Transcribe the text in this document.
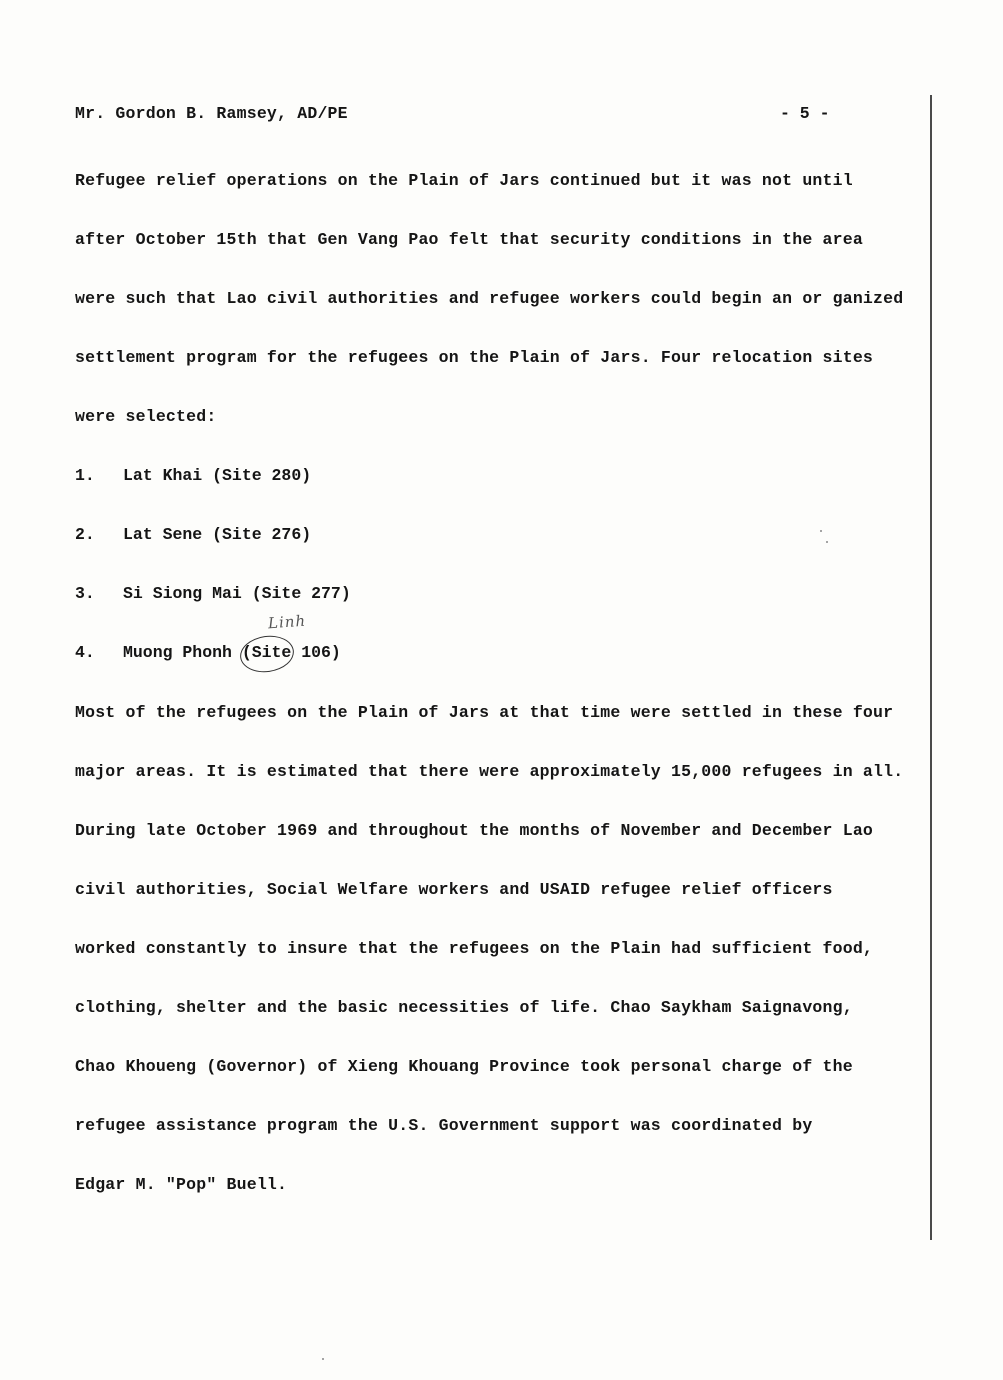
Mr. Gordon B. Ramsey, AD/PE	- 5 -
Refugee relief operations on the Plain of Jars continued but it was not until
after October 15th that Gen Vang Pao felt that security conditions in the area
were such that Lao civil authorities and refugee workers could begin an or ganized
settlement program for the refugees on the Plain of Jars. Four relocation sites
were selected:
1. Lat Khai (Site 280)
2. Lat Sene (Site 276)
3. Si Siong Mai (Site 277)
Linh
4. Muong Phonh (Site 106)
Most of the refugees on the Plain of Jars at that time were settled in these four
major areas. It is estimated that there were approximately 15,000 refugees in all.
During late October 1969 and throughout the months of November and December Lao
civil authorities, Social Welfare workers and USAID refugee relief officers
worked constantly to insure that the refugees on the Plain had sufficient food,
clothing, shelter and the basic necessities of life. Chao Saykham Saignavong,
Chao Khoueng (Governor) of Xieng Khouang Province took personal charge of the
refugee assistance program the U.S. Government support was coordinated by
Edgar M. "Pop" Buell.
